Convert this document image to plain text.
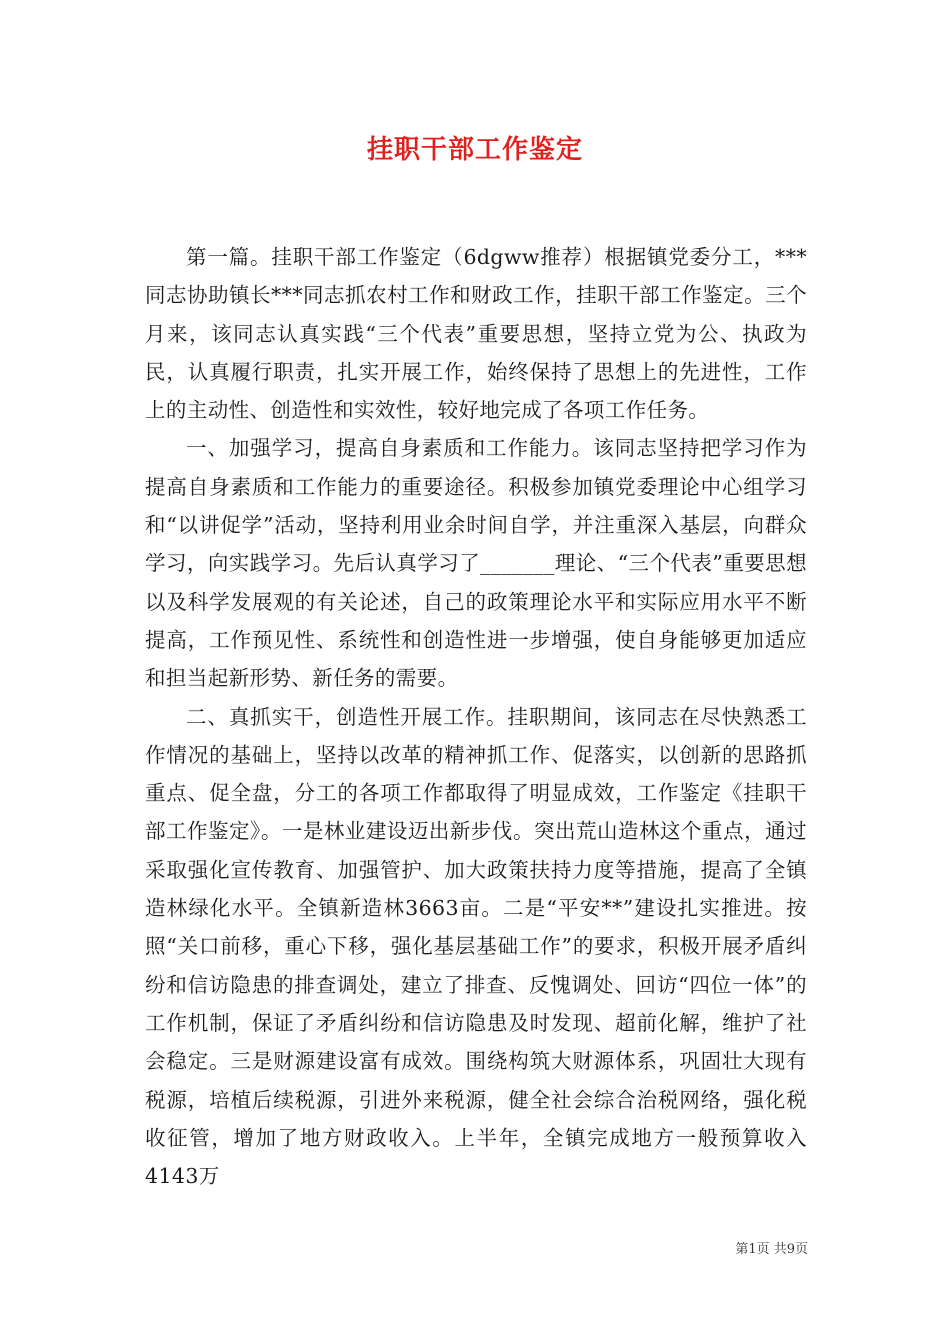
挂职干部工作鉴定

第一篇。挂职干部工作鉴定（6dgww推荐）根据镇党委分工，***同志协助镇长***同志抓农村工作和财政工作，挂职干部工作鉴定。三个月来，该同志认真实践“三个代表”重要思想，坚持立党为公、执政为民，认真履行职责，扎实开展工作，始终保持了思想上的先进性，工作上的主动性、创造性和实效性，较好地完成了各项工作任务。

一、加强学习，提高自身素质和工作能力。该同志坚持把学习作为提高自身素质和工作能力的重要途径。积极参加镇党委理论中心组学习和“以讲促学”活动，坚持利用业余时间自学，并注重深入基层，向群众学习，向实践学习。先后认真学习了_______理论、“三个代表”重要思想以及科学发展观的有关论述，自己的政策理论水平和实际应用水平不断提高，工作预见性、系统性和创造性进一步增强，使自身能够更加适应和担当起新形势、新任务的需要。

二、真抓实干，创造性开展工作。挂职期间，该同志在尽快熟悉工作情况的基础上，坚持以改革的精神抓工作、促落实，以创新的思路抓重点、促全盘，分工的各项工作都取得了明显成效，工作鉴定《挂职干部工作鉴定》。一是林业建设迈出新步伐。突出荒山造林这个重点，通过采取强化宣传教育、加强管护、加大政策扶持力度等措施，提高了全镇造林绿化水平。全镇新造林3663亩。二是“平安**”建设扎实推进。按照“关口前移，重心下移，强化基层基础工作”的要求，积极开展矛盾纠纷和信访隐患的排查调处，建立了排查、反愧调处、回访“四位一体”的工作机制，保证了矛盾纠纷和信访隐患及时发现、超前化解，维护了社会稳定。三是财源建设富有成效。围绕构筑大财源体系，巩固壮大现有税源，培植后续税源，引进外来税源，健全社会综合治税网络，强化税收征管，增加了地方财政收入。上半年，全镇完成地方一般预算收入4143万

第1页 共9页
